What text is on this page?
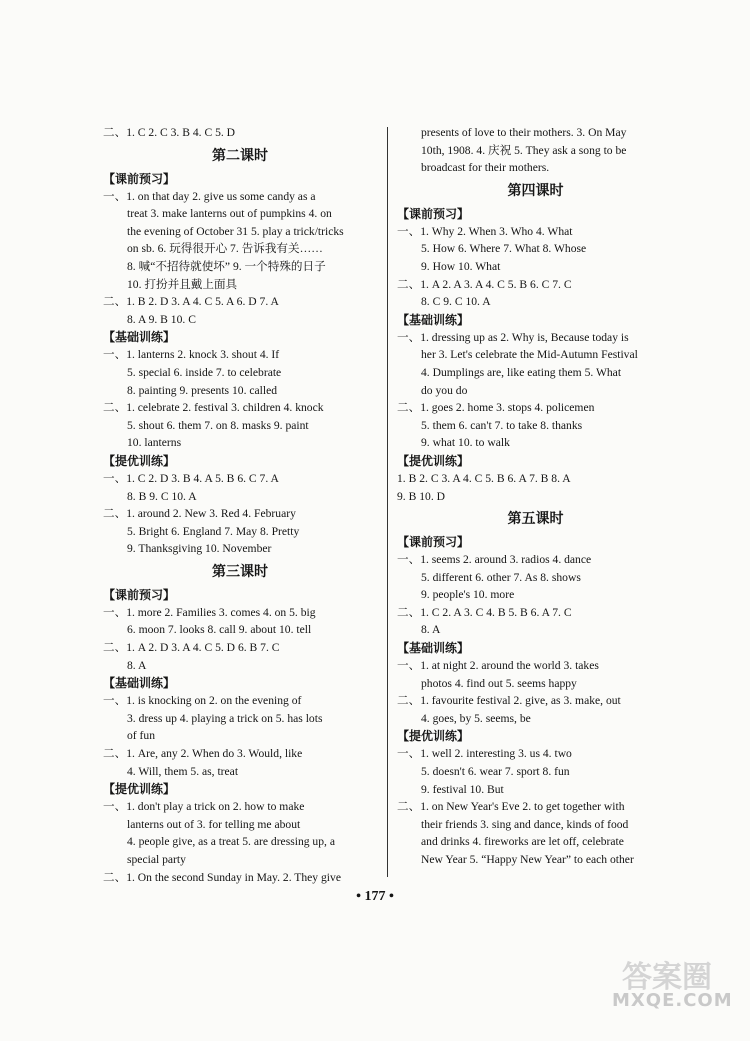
二、1. C 2. C 3. B 4. C 5. D
第二课时
【课前预习】
一、1. on that day 2. give us some candy as a
treat 3. make lanterns out of pumpkins 4. on
the evening of October 31 5. play a trick/tricks
on sb. 6. 玩得很开心 7. 告诉我有关……
8. 喊“不招待就使坏” 9. 一个特殊的日子
10. 打扮并且戴上面具
二、1. B 2. D 3. A 4. C 5. A 6. D 7. A
8. A 9. B 10. C
【基础训练】
一、1. lanterns 2. knock 3. shout 4. If
5. special 6. inside 7. to celebrate
8. painting 9. presents 10. called
二、1. celebrate 2. festival 3. children 4. knock
5. shout 6. them 7. on 8. masks 9. paint
10. lanterns
【提优训练】
一、1. C 2. D 3. B 4. A 5. B 6. C 7. A
8. B 9. C 10. A
二、1. around 2. New 3. Red 4. February
5. Bright 6. England 7. May 8. Pretty
9. Thanksgiving 10. November
第三课时
【课前预习】
一、1. more 2. Families 3. comes 4. on 5. big
6. moon 7. looks 8. call 9. about 10. tell
二、1. A 2. D 3. A 4. C 5. D 6. B 7. C
8. A
【基础训练】
一、1. is knocking on 2. on the evening of
3. dress up 4. playing a trick on 5. has lots
of fun
二、1. Are, any 2. When do 3. Would, like
4. Will, them 5. as, treat
【提优训练】
一、1. don't play a trick on 2. how to make
lanterns out of 3. for telling me about
4. people give, as a treat 5. are dressing up, a
special party
二、1. On the second Sunday in May. 2. They give
presents of love to their mothers. 3. On May
10th, 1908. 4. 庆祝 5. They ask a song to be
broadcast for their mothers.
第四课时
【课前预习】
一、1. Why 2. When 3. Who 4. What
5. How 6. Where 7. What 8. Whose
9. How 10. What
二、1. A 2. A 3. A 4. C 5. B 6. C 7. C
8. C 9. C 10. A
【基础训练】
一、1. dressing up as 2. Why is, Because today is
her 3. Let's celebrate the Mid-Autumn Festival
4. Dumplings are, like eating them 5. What
do you do
二、1. goes 2. home 3. stops 4. policemen
5. them 6. can't 7. to take 8. thanks
9. what 10. to walk
【提优训练】
1. B 2. C 3. A 4. C 5. B 6. A 7. B 8. A
9. B 10. D
第五课时
【课前预习】
一、1. seems 2. around 3. radios 4. dance
5. different 6. other 7. As 8. shows
9. people's 10. more
二、1. C 2. A 3. C 4. B 5. B 6. A 7. C
8. A
【基础训练】
一、1. at night 2. around the world 3. takes
photos 4. find out 5. seems happy
二、1. favourite festival 2. give, as 3. make, out
4. goes, by 5. seems, be
【提优训练】
一、1. well 2. interesting 3. us 4. two
5. doesn't 6. wear 7. sport 8. fun
9. festival 10. But
二、1. on New Year's Eve 2. to get together with
their friends 3. sing and dance, kinds of food
and drinks 4. fireworks are let off, celebrate
New Year 5. “Happy New Year” to each other
• 177 •
答案圈
MXQE.COM
